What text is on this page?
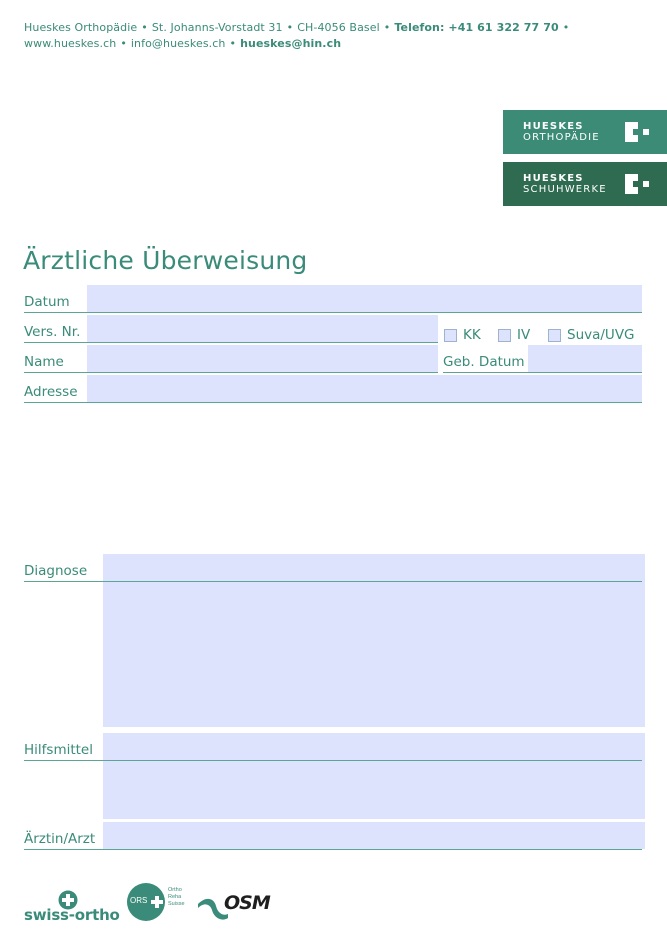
Hueskes Orthopädie • St. Johanns-Vorstadt 31 • CH-4056 Basel • Telefon: +41 61 322 77 70 •
www.hueskes.ch • info@hueskes.ch • hueskes@hin.ch
HUESKES
ORTHOPÄDIE
HUESKES
SCHUHWERKE
Ärztliche Überweisung
Datum
Vers. Nr.	KK	IV	Suva/UVG
Name	Geb. Datum
Adresse
Diagnose
Hilfsmittel
Ärztin/Arzt
swiss-ortho
ORS
Ortho
Reha
Suisse OSM
